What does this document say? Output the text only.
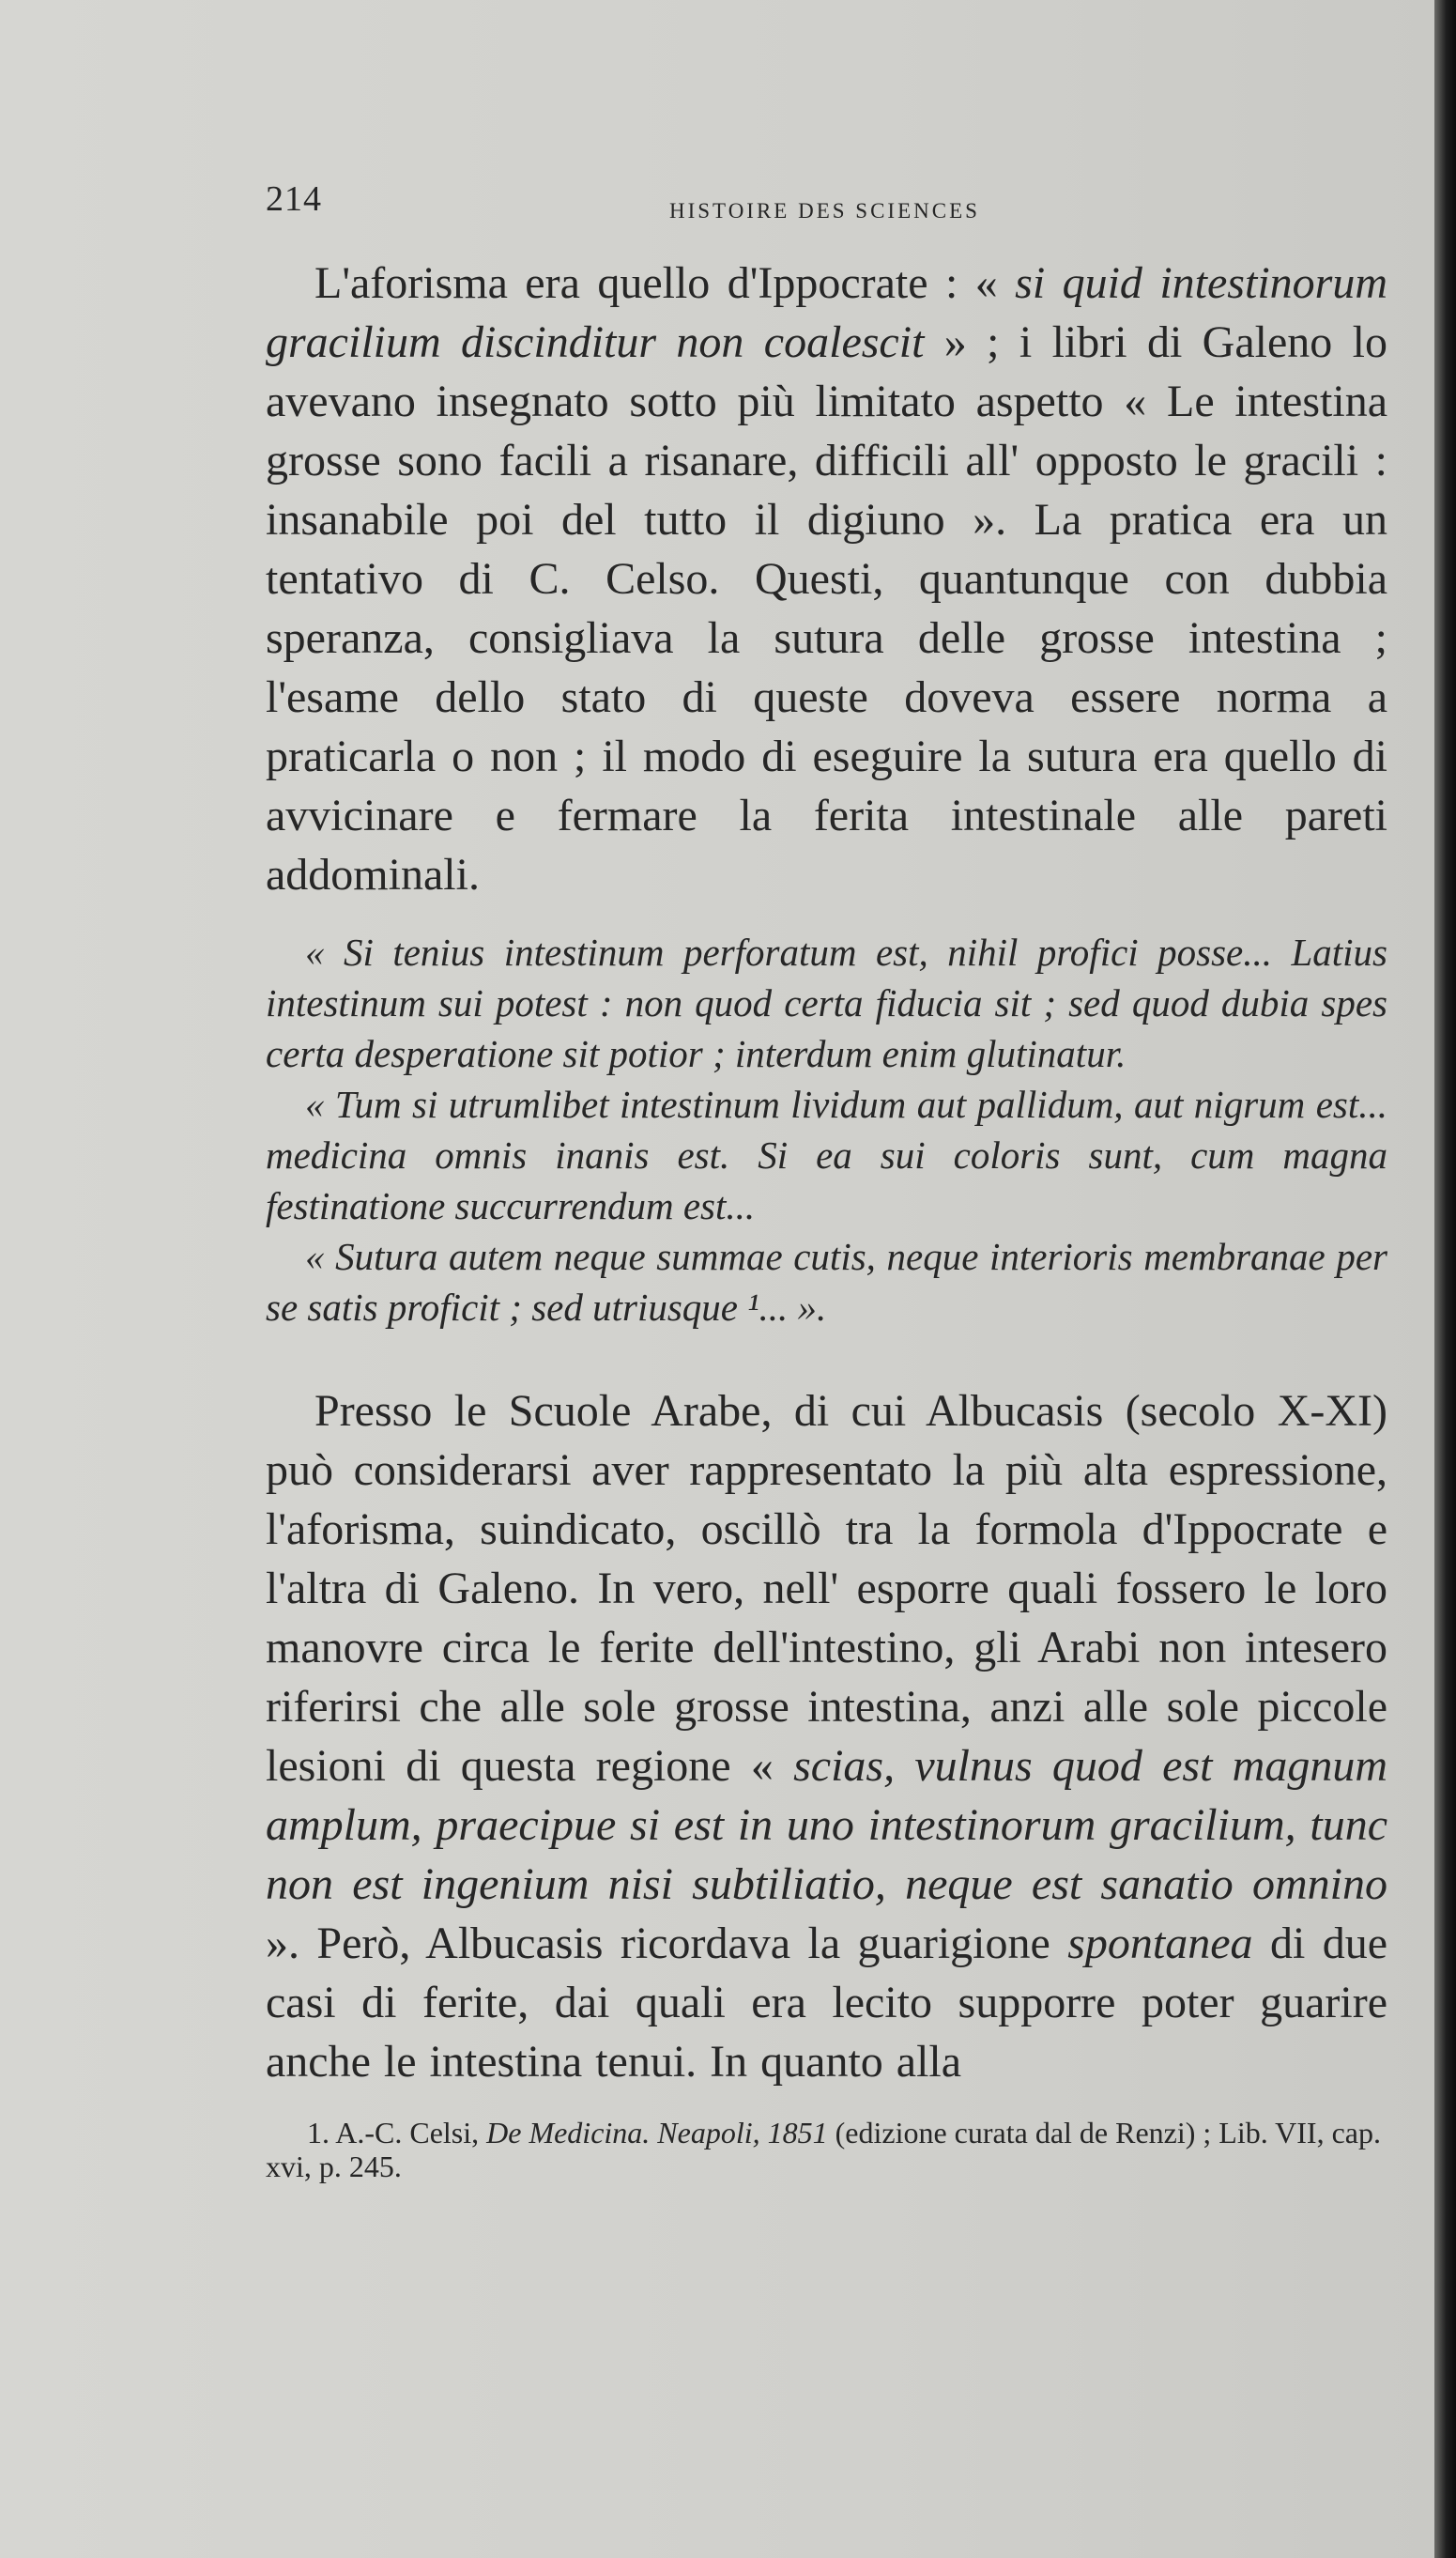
214	HISTOIRE DES SCIENCES

L'aforisma era quello d'Ippocrate : « si quid intestinorum gracilium discinditur non coalescit » ; i libri di Galeno lo avevano insegnato sotto più limitato aspetto « Le intestina grosse sono facili a risanare, difficili all' opposto le gracili : insanabile poi del tutto il digiuno ». La pratica era un tentativo di C. Celso. Questi, quantunque con dubbia speranza, consigliava la sutura delle grosse intestina ; l'esame dello stato di queste doveva essere norma a praticarla o non ; il modo di eseguire la sutura era quello di avvicinare e fermare la ferita intestinale alle pareti addominali.

« Si tenius intestinum perforatum est, nihil profici posse... Latius intestinum sui potest : non quod certa fiducia sit ; sed quod dubia spes certa desperatione sit potior ; interdum enim glutinatur.

« Tum si utrumlibet intestinum lividum aut pallidum, aut nigrum est... medicina omnis inanis est. Si ea sui coloris sunt, cum magna festinatione succurrendum est...

« Sutura autem neque summae cutis, neque interioris membranae per se satis proficit ; sed utriusque ¹... ».

Presso le Scuole Arabe, di cui Albucasis (secolo X-XI) può considerarsi aver rappresentato la più alta espressione, l'aforisma, suindicato, oscillò tra la formola d'Ippocrate e l'altra di Galeno. In vero, nell' esporre quali fossero le loro manovre circa le ferite dell'intestino, gli Arabi non intesero riferirsi che alle sole grosse intestina, anzi alle sole piccole lesioni di questa regione « scias, vulnus quod est magnum amplum, praecipue si est in uno intestinorum gracilium, tunc non est ingenium nisi subtiliatio, neque est sanatio omnino ». Però, Albucasis ricordava la guarigione spontanea di due casi di ferite, dai quali era lecito supporre poter guarire anche le intestina tenui. In quanto alla

1. A.-C. Celsi, De Medicina. Neapoli, 1851 (edizione curata dal de Renzi) ; Lib. VII, cap. xvi, p. 245.
